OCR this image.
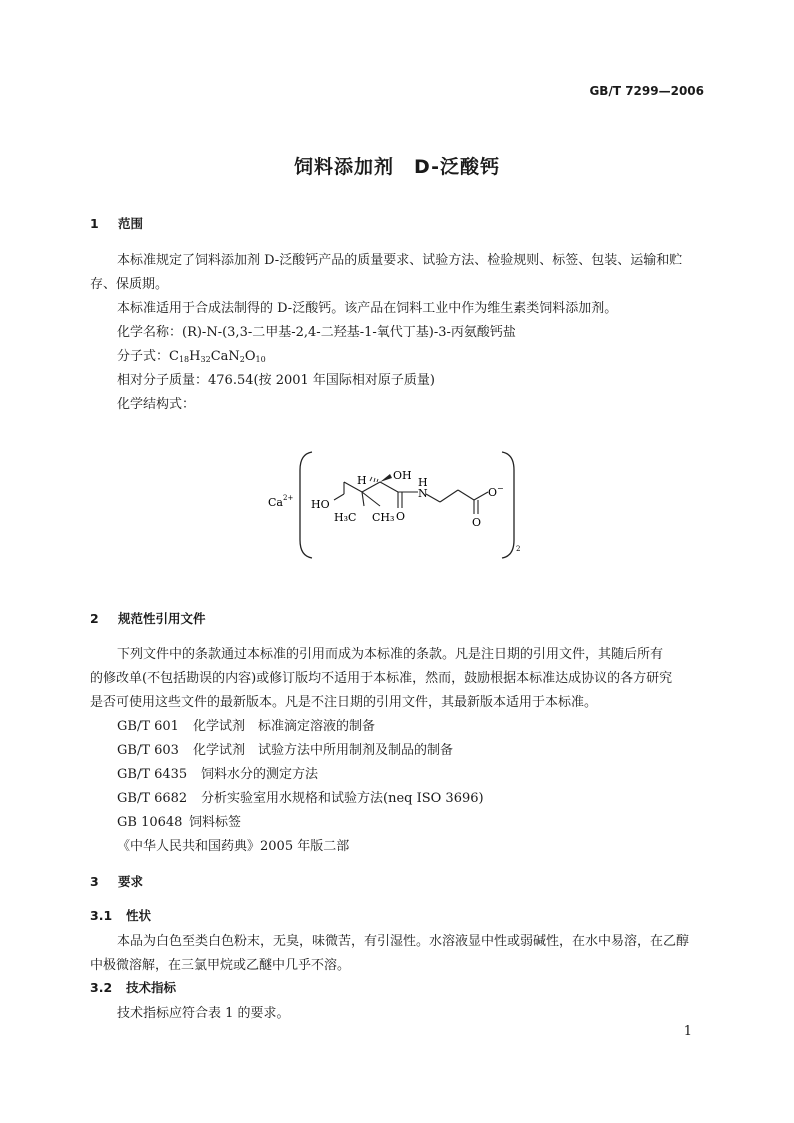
GB/T 7299—2006
饲料添加剂 D-泛酸钙
1 范围
本标准规定了饲料添加剂 D-泛酸钙产品的质量要求、试验方法、检验规则、标签、包装、运输和贮
存、保质期。
本标准适用于合成法制得的 D-泛酸钙。该产品在饲料工业中作为维生素类饲料添加剂。
化学名称：(R)-N-(3,3-二甲基-2,4-二羟基-1-氧代丁基)-3-丙氨酸钙盐
分子式：$C_{18}H_{32}CaN_2O_{10}$
相对分子质量：476.54(按 2001 年国际相对原子质量)
化学结构式：
$Ca^{2+}$
2
HO
H OH
N
H
O−
H₃C CH₃ O	O
2 规范性引用文件
下列文件中的条款通过本标准的引用而成为本标准的条款。凡是注日期的引用文件，其随后所有
的修改单(不包括勘误的内容)或修订版均不适用于本标准，然而，鼓励根据本标准达成协议的各方研究
是否可使用这些文件的最新版本。凡是不注日期的引用文件，其最新版本适用于本标准。
GB/T 601 化学试剂　标准滴定溶液的制备
GB/T 603 化学试剂　试验方法中所用制剂及制品的制备
GB/T 6435 饲料水分的测定方法
GB/T 6682 分析实验室用水规格和试验方法(neq ISO 3696)
GB 10648 饲料标签
《中华人民共和国药典》2005 年版二部
3 要求
3.1 性状
本品为白色至类白色粉末，无臭，味微苦，有引湿性。水溶液显中性或弱碱性，在水中易溶，在乙醇
中极微溶解，在三氯甲烷或乙醚中几乎不溶。
3.2 技术指标
技术指标应符合表 1 的要求。
1
